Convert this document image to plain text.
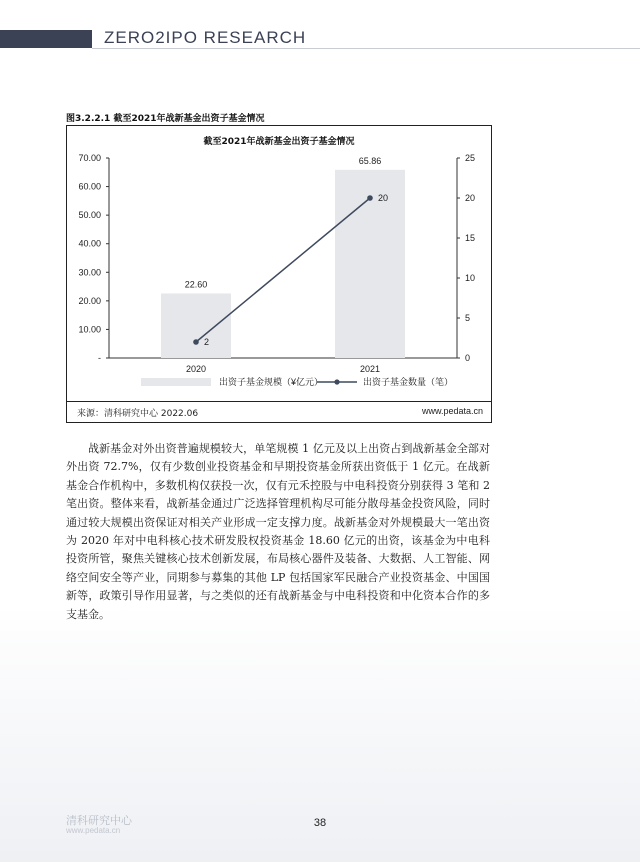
ZERO2IPO RESEARCH
图3.2.2.1 截至2021年战新基金出资子基金情况
截至2021年战新基金出资子基金情况
-
10.00
20.00
30.00
40.00
50.00
60.00
70.00
0
5
10
15
20
25
22.60
65.86
2020	2021
2
20
出资子基金规模（¥亿元）	出资子基金数量（笔）
来源：清科研究中心 2022.06	www.pedata.cn

战新基金对外出资普遍规模较大，单笔规模 1 亿元及以上出资占到战新基金全部对外出资 72.7%，仅有少数创业投资基金和早期投资基金所获出资低于 1 亿元。在战新基金合作机构中，多数机构仅获投一次，仅有元禾控股与中电科投资分别获得 3 笔和 2 笔出资。整体来看，战新基金通过广泛选择管理机构尽可能分散母基金投资风险，同时通过较大规模出资保证对相关产业形成一定支撑力度。战新基金对外规模最大一笔出资为 2020 年对中电科核心技术研发股权投资基金 18.60 亿元的出资，该基金为中电科投资所管，聚焦关键核心技术创新发展，布局核心器件及装备、大数据、人工智能、网络空间安全等产业，同期参与募集的其他 LP 包括国家军民融合产业投资基金、中国国新等，政策引导作用显著，与之类似的还有战新基金与中电科投资和中化资本合作的多支基金。

清科研究中心
www.pedata.cn
38
